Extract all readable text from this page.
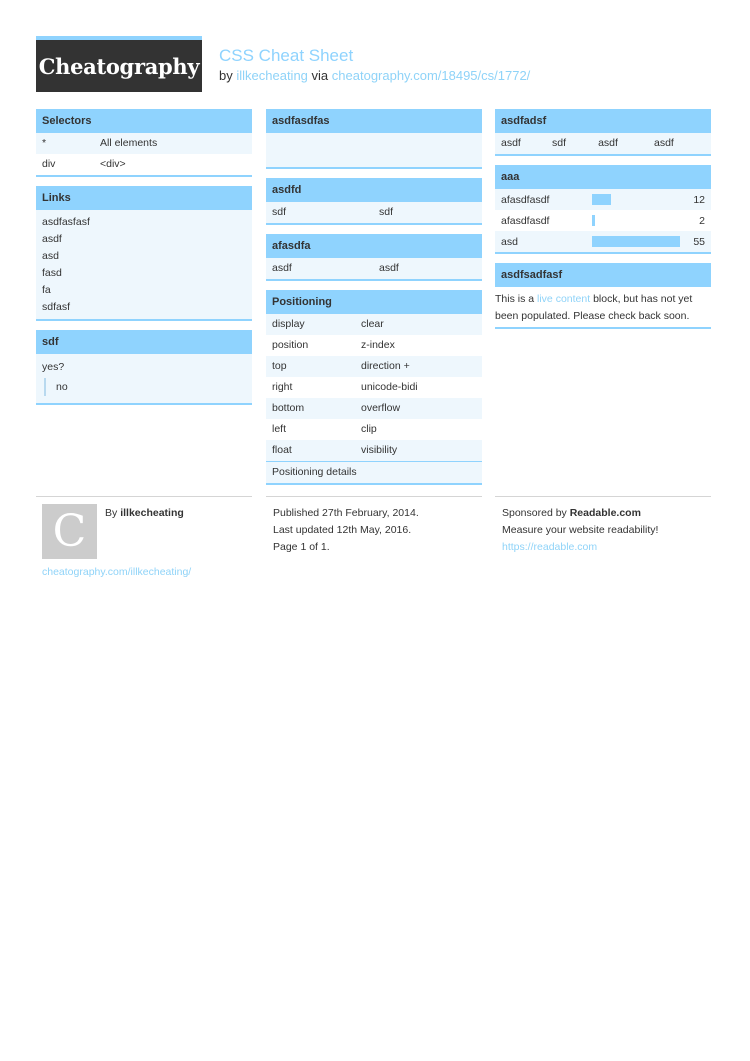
Cheatography CSS Cheat Sheet
by illkecheating via cheatography.com/18495/cs/1772/
Selectors
*	All elements
div	<div>
Links
asdfasfasf
asdf
asd
fasd
fa
sdfasf
sdf
yes?
no
asdfasdfas
asdfd
sdf	sdf
afasdfa
asdf	asdf
Positioning
display	clear
position	z-index
top	direction +
right	unicode-bidi
bottom	overflow
left	clip
float	visibility
Positioning details
asdfadsf
asdf	sdf	asdf	asdf
aaa
afasdfasdf	12
afasdfasdf	2
asd	55
asdfsadfasf
This is a live content block, but has not yet been populated. Please check back soon.
C	By illkecheating
cheatography.com/illkecheating/
Published 27th February, 2014.
Last updated 12th May, 2016.
Page 1 of 1.
Sponsored by Readable.com
Measure your website readability!
https://readable.com
